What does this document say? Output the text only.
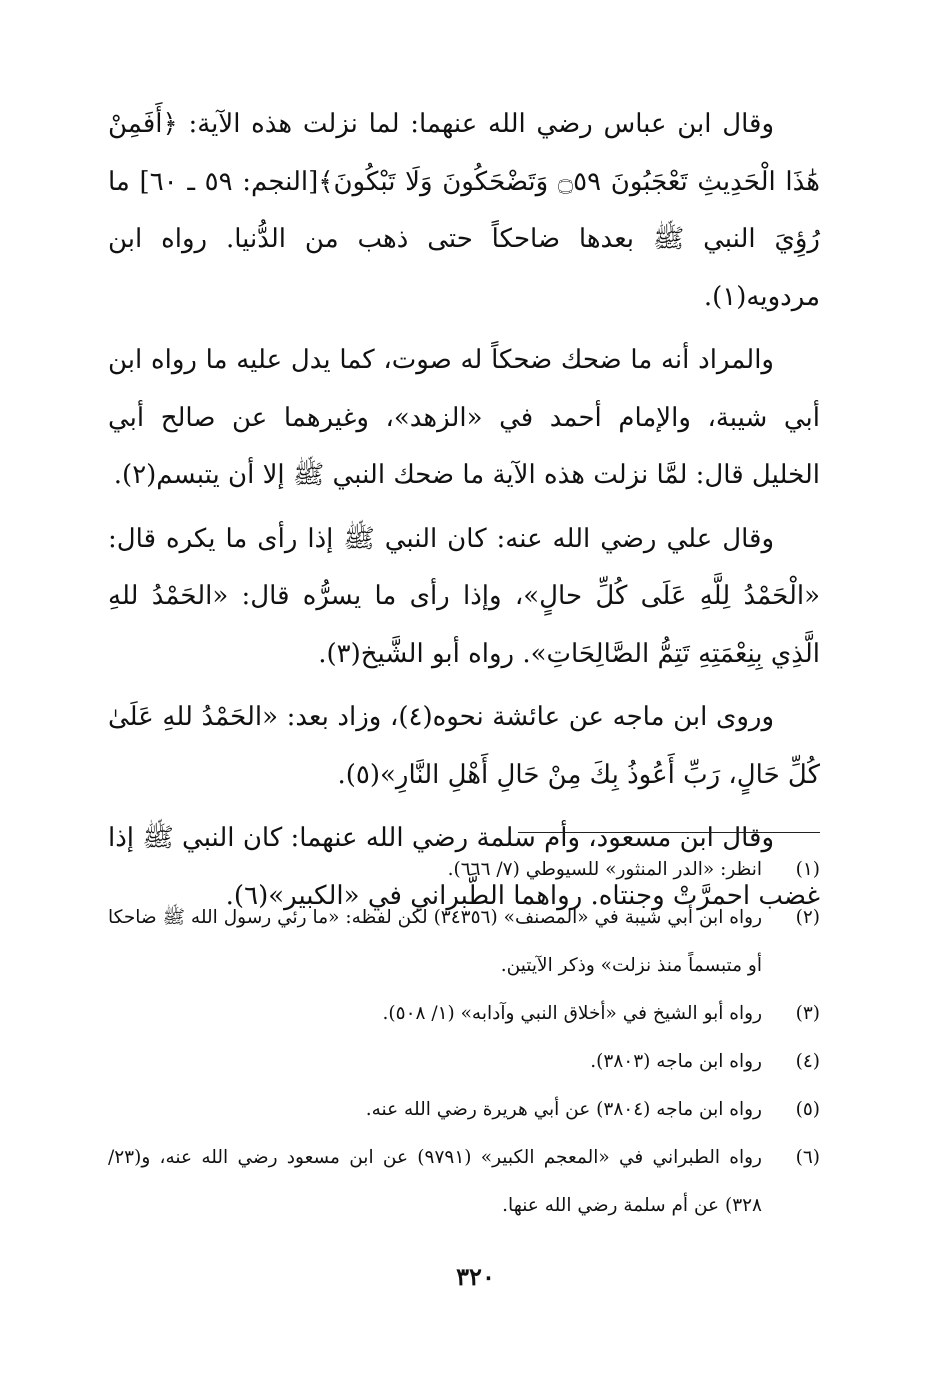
وقال ابن عباس رضي الله عنهما: لما نزلت هذه الآية: ﴿أَفَمِنْ هَٰذَا الْحَدِيثِ تَعْجَبُونَ ۝٥٩ وَتَضْحَكُونَ وَلَا تَبْكُونَ﴾[النجم: ٥٩ ـ ٦٠] ما رُؤِيَ النبي ﷺ بعدها ضاحكاً حتى ذهب من الدُّنيا. رواه ابن مردويه(١).

والمراد أنه ما ضحك ضحكاً له صوت، كما يدل عليه ما رواه ابن أبي شيبة، والإمام أحمد في «الزهد»، وغيرهما عن صالح أبي الخليل قال: لمَّا نزلت هذه الآية ما ضحك النبي ﷺ إلا أن يتبسم(٢).

وقال علي رضي الله عنه: كان النبي ﷺ إذا رأى ما يكره قال: «الْحَمْدُ لِلَّهِ عَلَى كُلِّ حالٍ»، وإذا رأى ما يسرُّه قال: «الحَمْدُ للهِ الَّذِي بِنِعْمَتِهِ تَتِمُّ الصَّالِحَاتِ». رواه أبو الشَّيخ(٣).

وروى ابن ماجه عن عائشة نحوه(٤)، وزاد بعد: «الحَمْدُ للهِ عَلَىٰ كُلِّ حَالٍ، رَبِّ أَعُوذُ بِكَ مِنْ حَالِ أَهْلِ النَّارِ»(٥).

وقال ابن مسعود، وأم سلمة رضي الله عنهما: كان النبي ﷺ إذا غضب احمرَّتْ وجنتاه. رواهما الطَّبراني في «الكبير»(٦).

(١)
انظر: «الدر المنثور» للسيوطي (٧/ ٦٦٦).
(٢)
رواه ابن أبي شيبة في «المصنف» (٣٤٣٥٦) لكن لفظه: «ما رئي رسول الله ﷺ ضاحكا أو متبسماً منذ نزلت» وذكر الآيتين.
(٣)
رواه أبو الشيخ في «أخلاق النبي وآدابه» (١/ ٥٠٨).
(٤)
رواه ابن ماجه (٣٨٠٣).
(٥)
رواه ابن ماجه (٣٨٠٤) عن أبي هريرة رضي الله عنه.
(٦)
رواه الطبراني في «المعجم الكبير» (٩٧٩١) عن ابن مسعود رضي الله عنه، و(٢٣/ ٣٢٨) عن أم سلمة رضي الله عنها.
٣٢٠
